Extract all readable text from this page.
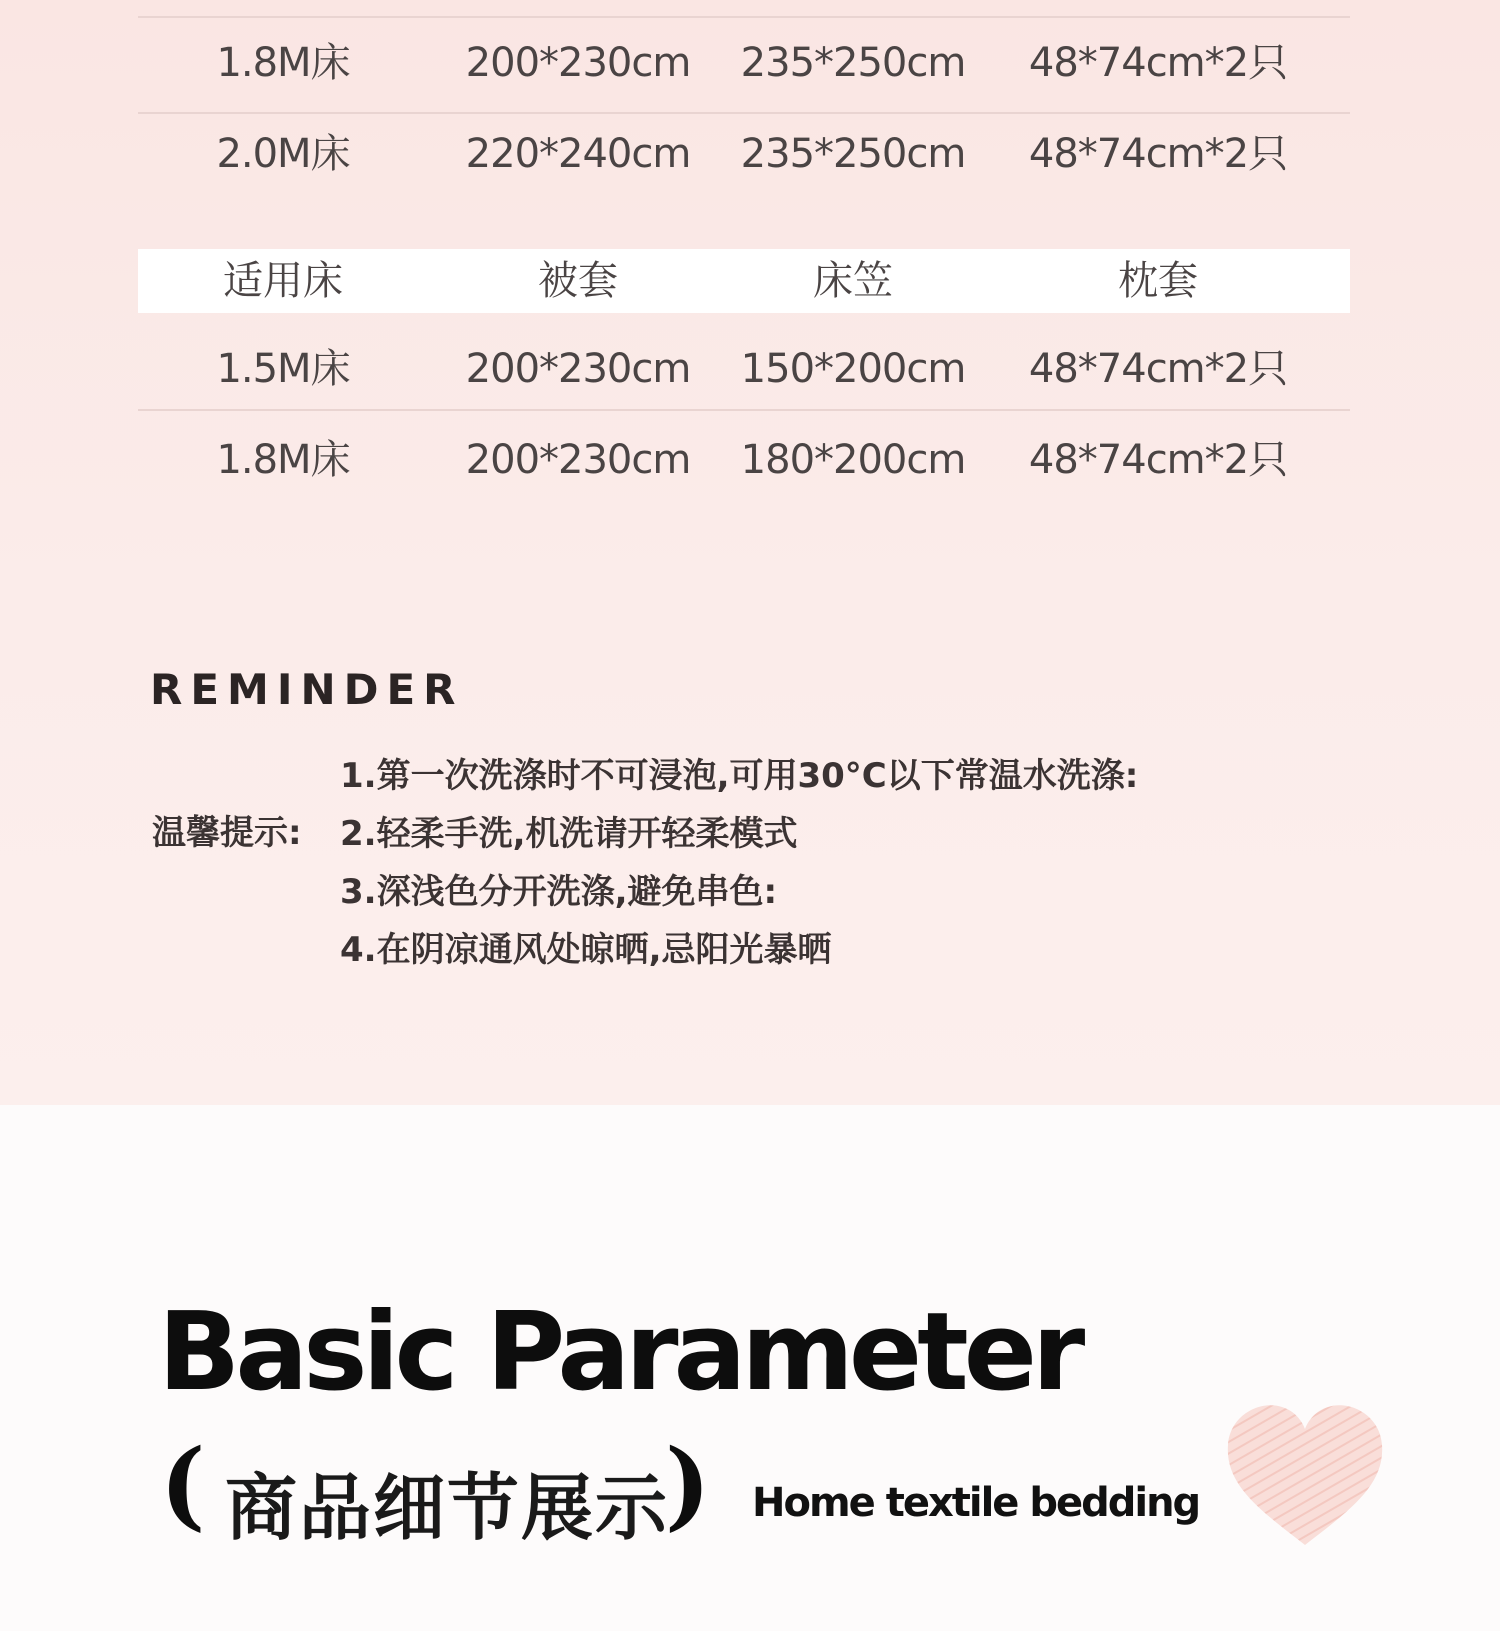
1.8M床	200*230cm	235*250cm	48*74cm*2只
2.0M床	220*240cm	235*250cm	48*74cm*2只
适用床	被套	床笠	枕套
1.5M床	200*230cm	150*200cm	48*74cm*2只
1.8M床	200*230cm	180*200cm	48*74cm*2只
REMINDER
温馨提示:
1.第一次洗涤时不可浸泡,可用30°C以下常温水洗涤:
2.轻柔手洗,机洗请开轻柔模式
3.深浅色分开洗涤,避免串色:
4.在阴凉通风处晾晒,忌阳光暴晒
Basic Parameter
( 商品细节展示
) Home textile bedding
